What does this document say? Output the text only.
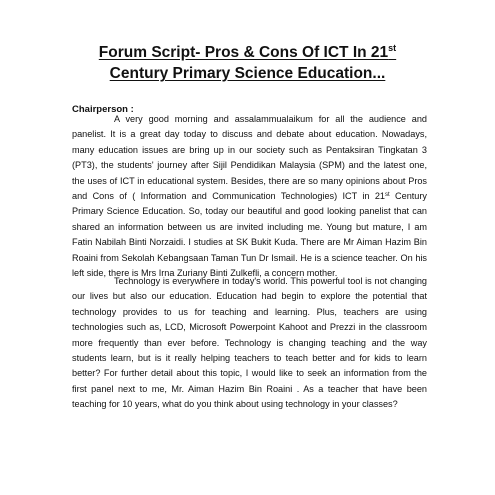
Forum Script- Pros & Cons Of ICT In 21st
Century Primary Science Education...
Chairperson :

A very good morning and assalammualaikum for all the audience and panelist. It is a great day today to discuss and debate about education. Nowadays, many education issues are bring up in our society such as Pentaksiran Tingkatan 3 (PT3), the students' journey after Sijil Pendidikan Malaysia (SPM) and the latest one, the uses of ICT in educational system. Besides, there are so many opinions about Pros and Cons of ( Information and Communication Technologies) ICT in 21st Century Primary Science Education. So, today our beautiful and good looking panelist that can shared an information between us are invited including me. Young but mature, I am Fatin Nabilah Binti Norzaidi. I studies at SK Bukit Kuda. There are Mr Aiman Hazim Bin Roaini from Sekolah Kebangsaan Taman Tun Dr Ismail. He is a science teacher. On his left side, there is Mrs Irna Zuriany Binti Zulkefli, a concern mother.

Technology is everywhere in today's world. This powerful tool is not changing our lives but also our education. Education had begin to explore the potential that technology provides to us for teaching and learning. Plus, teachers are using technologies such as, LCD, Microsoft Powerpoint Kahoot and Prezzi in the classroom more frequently than ever before. Technology is changing teaching and the way students learn, but is it really helping teachers to teach better and for kids to learn better? For further detail about this topic, I would like to seek an information from the first panel next to me, Mr. Aiman Hazim Bin Roaini . As a teacher that have been teaching for 10 years, what do you think about using technology in your classes?
